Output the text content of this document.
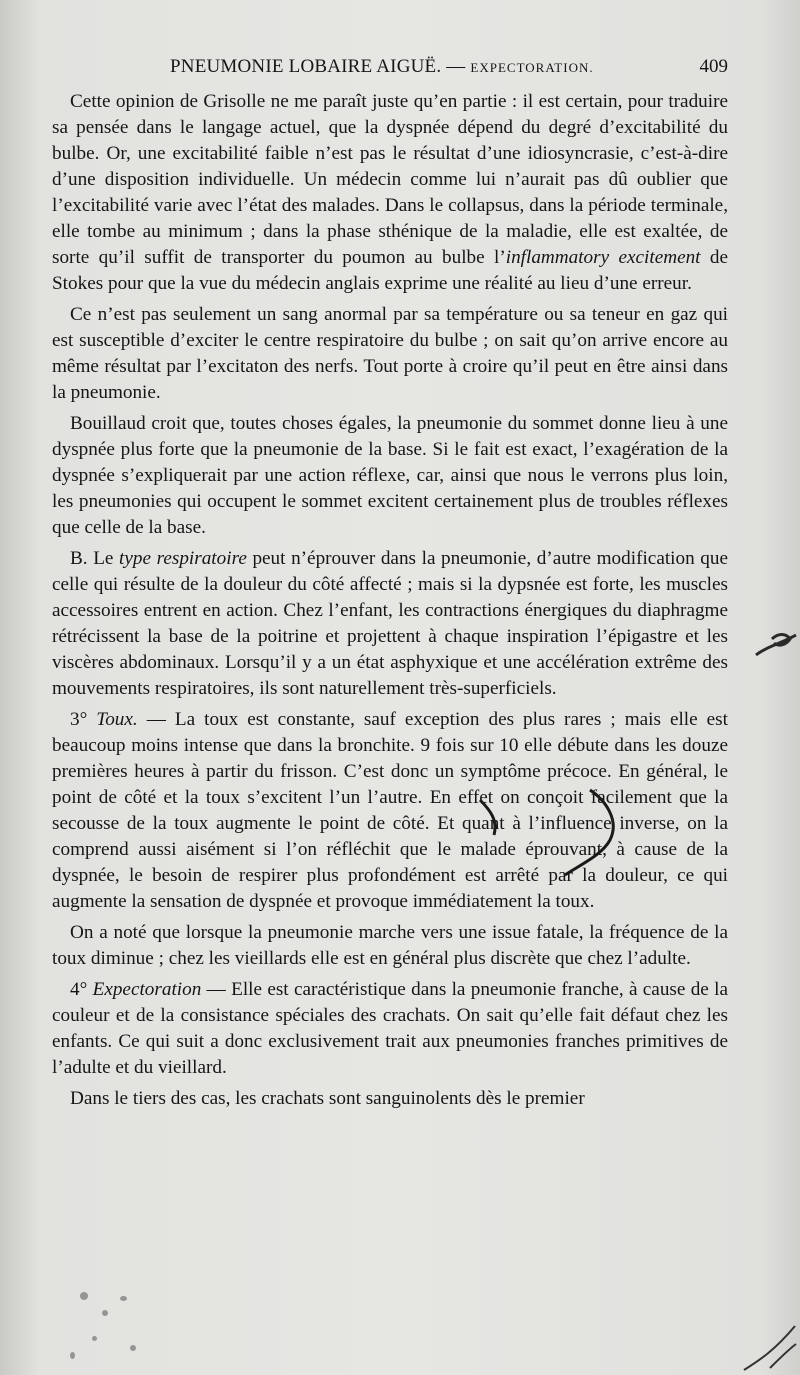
PNEUMONIE LOBAIRE AIGUË. — EXPECTORATION.	409

Cette opinion de Grisolle ne me paraît juste qu’en partie : il est certain, pour traduire sa pensée dans le langage actuel, que la dyspnée dépend du degré d’excitabilité du bulbe. Or, une excitabilité faible n’est pas le résultat d’une idiosyncrasie, c’est-à-dire d’une disposition individuelle. Un médecin comme lui n’aurait pas dû oublier que l’excitabilité varie avec l’état des malades. Dans le collapsus, dans la période terminale, elle tombe au minimum ; dans la phase sthénique de la maladie, elle est exaltée, de sorte qu’il suffit de transporter du poumon au bulbe l’inflammatory excitement de Stokes pour que la vue du médecin anglais exprime une réalité au lieu d’une erreur.

Ce n’est pas seulement un sang anormal par sa température ou sa teneur en gaz qui est susceptible d’exciter le centre respiratoire du bulbe ; on sait qu’on arrive encore au même résultat par l’excitaton des nerfs. Tout porte à croire qu’il peut en être ainsi dans la pneumonie.

Bouillaud croit que, toutes choses égales, la pneumonie du sommet donne lieu à une dyspnée plus forte que la pneumonie de la base. Si le fait est exact, l’exagération de la dyspnée s’expliquerait par une action réflexe, car, ainsi que nous le verrons plus loin, les pneumonies qui occupent le sommet excitent certainement plus de troubles réflexes que celle de la base.

B. Le type respiratoire peut n’éprouver dans la pneumonie, d’autre modification que celle qui résulte de la douleur du côté affecté ; mais si la dypsnée est forte, les muscles accessoires entrent en action. Chez l’enfant, les contractions énergiques du diaphragme rétrécissent la base de la poitrine et projettent à chaque inspiration l’épigastre et les viscères abdominaux. Lorsqu’il y a un état asphyxique et une accélération extrême des mouvements respiratoires, ils sont naturellement très-superficiels.

3° Toux. — La toux est constante, sauf exception des plus rares ; mais elle est beaucoup moins intense que dans la bronchite. 9 fois sur 10 elle débute dans les douze premières heures à partir du frisson. C’est donc un symptôme précoce. En général, le point de côté et la toux s’excitent l’un l’autre. En effet on conçoit facilement que la secousse de la toux augmente le point de côté. Et quant à l’influence inverse, on la comprend aussi aisément si l’on réfléchit que le malade éprouvant, à cause de la dyspnée, le besoin de respirer plus profondément est arrêté par la douleur, ce qui augmente la sensation de dyspnée et provoque immédiatement la toux.

On a noté que lorsque la pneumonie marche vers une issue fatale, la fréquence de la toux diminue ; chez les vieillards elle est en général plus discrète que chez l’adulte.

4° Expectoration — Elle est caractéristique dans la pneumonie franche, à cause de la couleur et de la consistance spéciales des crachats. On sait qu’elle fait défaut chez les enfants. Ce qui suit a donc exclusivement trait aux pneumonies franches primitives de l’adulte et du vieillard.

Dans le tiers des cas, les crachats sont sanguinolents dès le premier
